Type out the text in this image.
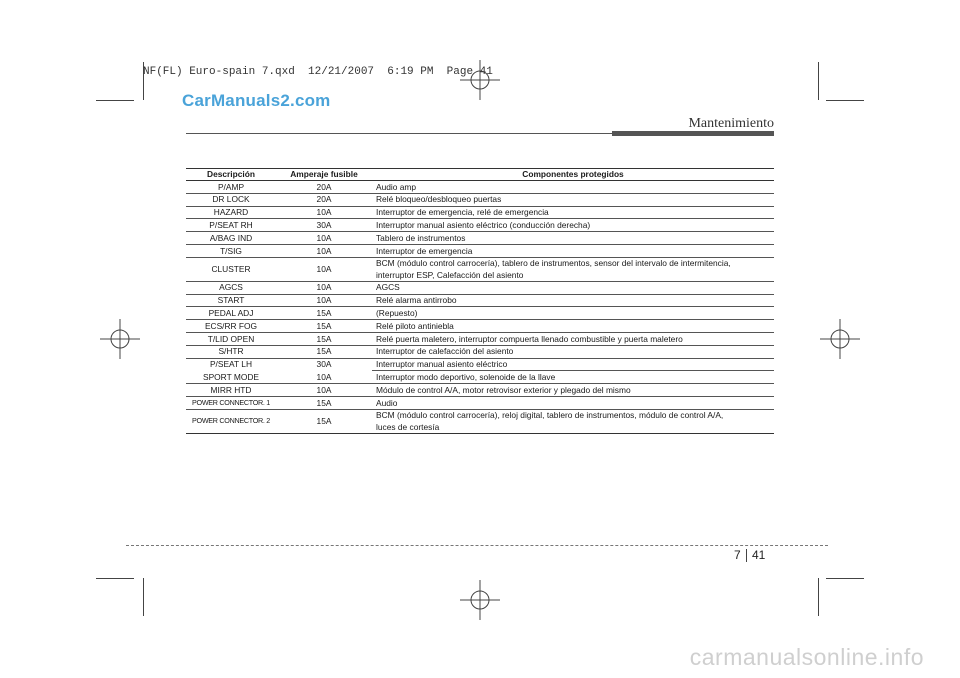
NF(FL) Euro-spain 7.qxd  12/21/2007  6:19 PM  Page 41
CarManuals2.com
Mantenimiento
Descripción	Amperaje fusible	Componentes protegidos
P/AMP	20A	Audio amp
DR LOCK	20A	Relé bloqueo/desbloqueo puertas
HAZARD	10A	Interruptor de emergencia, relé de emergencia
P/SEAT RH	30A	Interruptor manual asiento eléctrico (conducción derecha)
A/BAG IND	10A	Tablero de instrumentos
T/SIG	10A	Interruptor de emergencia
CLUSTER	10A	BCM (módulo control carrocería), tablero de instrumentos, sensor del intervalo de intermitencia,
interruptor ESP, Calefacción del asiento

AGCS	10A	AGCS
START	10A	Relé alarma antirrobo
PEDAL ADJ	15A	(Repuesto)
ECS/RR FOG	15A	Relé piloto antiniebla
T/LID OPEN	15A	Relé puerta maletero, interruptor compuerta llenado combustible y puerta maletero
S/HTR	15A	Interruptor de calefacción del asiento
P/SEAT LH	30A	Interruptor manual asiento eléctrico
SPORT MODE	10A	Interruptor modo deportivo, solenoide de la llave
MIRR HTD	10A	Módulo de control A/A, motor retrovisor exterior y plegado del mismo
POWER CONNECTOR. 1	15A	Audio
POWER CONNECTOR. 2	15A	BCM (módulo control carrocería), reloj digital, tablero de instrumentos, módulo de control A/A,
luces de cortesía
7 41
carmanualsonline.info
